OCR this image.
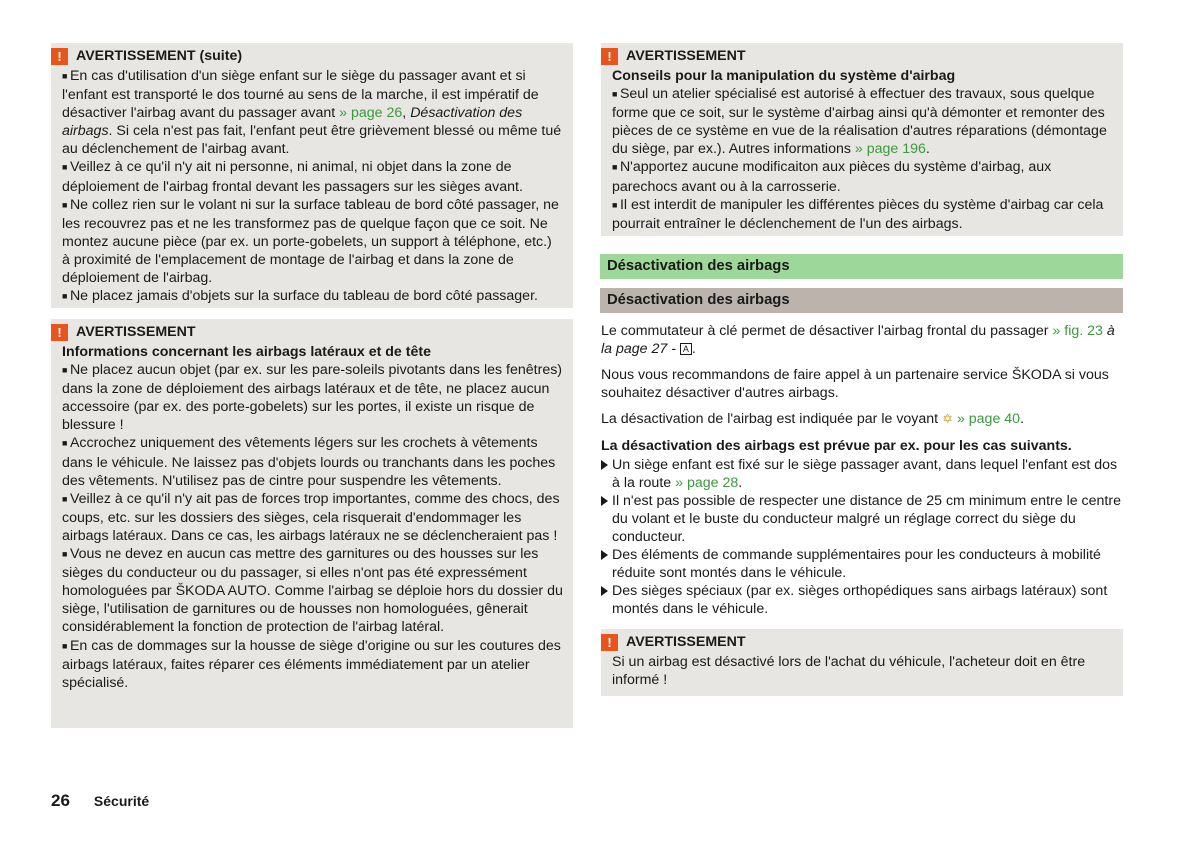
!	AVERTISSEMENT (suite)

■ En cas d'utilisation d'un siège enfant sur le siège du passager avant et si l'enfant est transporté le dos tourné au sens de la marche, il est impératif de désactiver l'airbag avant du passager avant » page 26, Désactivation des airbags. Si cela n'est pas fait, l'enfant peut être grièvement blessé ou même tué au déclenchement de l'airbag avant.

■ Veillez à ce qu'il n'y ait ni personne, ni animal, ni objet dans la zone de déploiement de l'airbag frontal devant les passagers sur les sièges avant.

■ Ne collez rien sur le volant ni sur la surface tableau de bord côté passager, ne les recouvrez pas et ne les transformez pas de quelque façon que ce soit. Ne montez aucune pièce (par ex. un porte-gobelets, un support à téléphone, etc.) à proximité de l'emplacement de montage de l'airbag et dans la zone de déploiement de l'airbag.

■ Ne placez jamais d'objets sur la surface du tableau de bord côté passager.

!	AVERTISSEMENT

Informations concernant les airbags latéraux et de tête

■ Ne placez aucun objet (par ex. sur les pare-soleils pivotants dans les fenêtres) dans la zone de déploiement des airbags latéraux et de tête, ne placez aucun accessoire (par ex. des porte-gobelets) sur les portes, il existe un risque de blessure !

■ Accrochez uniquement des vêtements légers sur les crochets à vêtements dans le véhicule. Ne laissez pas d'objets lourds ou tranchants dans les poches des vêtements. N'utilisez pas de cintre pour suspendre les vêtements.

■ Veillez à ce qu'il n'y ait pas de forces trop importantes, comme des chocs, des coups, etc. sur les dossiers des sièges, cela risquerait d'endommager les airbags latéraux. Dans ce cas, les airbags latéraux ne se déclencheraient pas !

■ Vous ne devez en aucun cas mettre des garnitures ou des housses sur les sièges du conducteur ou du passager, si elles n'ont pas été expressément homologuées par ŠKODA AUTO. Comme l'airbag se déploie hors du dossier du siège, l'utilisation de garnitures ou de housses non homologuées, gênerait considérablement la fonction de protection de l'airbag latéral.

■ En cas de dommages sur la housse de siège d'origine ou sur les coutures des airbags latéraux, faites réparer ces éléments immédiatement par un atelier spécialisé.

!	AVERTISSEMENT

Conseils pour la manipulation du système d'airbag

■ Seul un atelier spécialisé est autorisé à effectuer des travaux, sous quelque forme que ce soit, sur le système d'airbag ainsi qu'à démonter et remonter des pièces de ce système en vue de la réalisation d'autres réparations (démontage du siège, par ex.). Autres informations » page 196.

■ N'apportez aucune modificaiton aux pièces du système d'airbag, aux parechocs avant ou à la carrosserie.

■ Il est interdit de manipuler les différentes pièces du système d'airbag car cela pourrait entraîner le déclenchement de l'un des airbags.

Désactivation des airbags
Désactivation des airbags

Le commutateur à clé permet de désactiver l'airbag frontal du passager » fig. 23 à la page 27 - A .

Nous vous recommandons de faire appel à un partenaire service ŠKODA si vous souhaitez désactiver d'autres airbags.

La désactivation de l'airbag est indiquée par le voyant ✡ » page 40.

La désactivation des airbags est prévue par ex. pour les cas suivants.

Un siège enfant est fixé sur le siège passager avant, dans lequel l'enfant est dos à la route » page 28.

Il n'est pas possible de respecter une distance de 25 cm minimum entre le centre du volant et le buste du conducteur malgré un réglage correct du siège du conducteur.

Des éléments de commande supplémentaires pour les conducteurs à mobilité réduite sont montés dans le véhicule.

Des sièges spéciaux (par ex. sièges orthopédiques sans airbags latéraux) sont montés dans le véhicule.

!	AVERTISSEMENT

Si un airbag est désactivé lors de l'achat du véhicule, l'acheteur doit en être informé !

26 Sécurité
